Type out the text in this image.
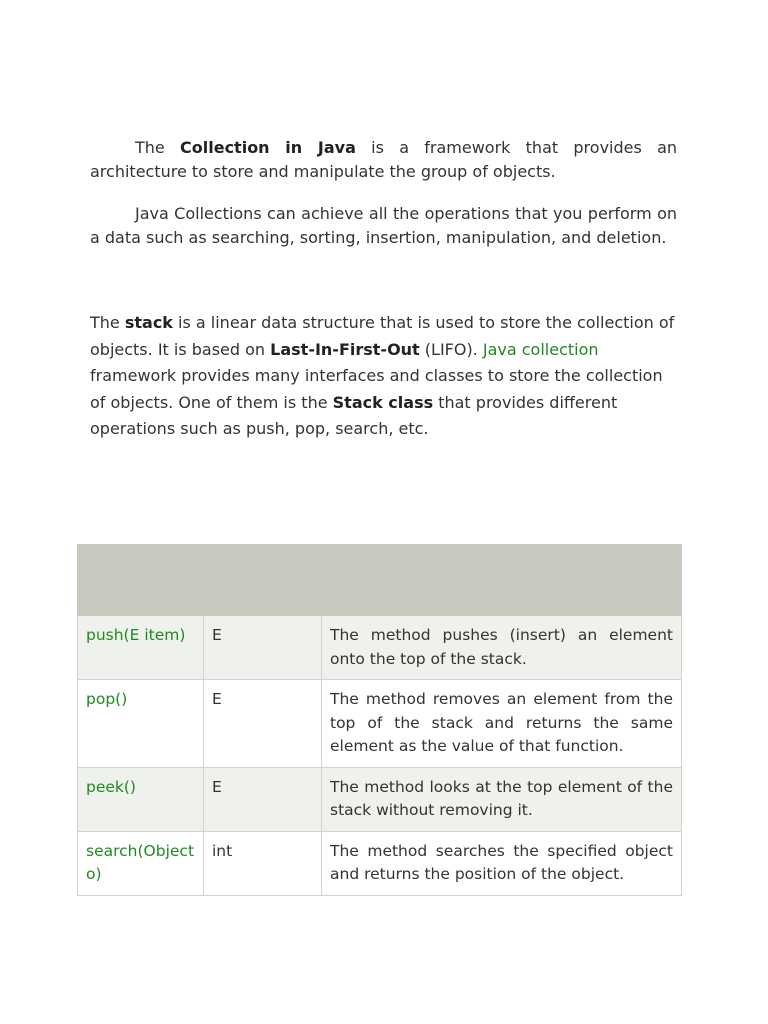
The Collection in Java is a framework that provides an architecture to store and manipulate the group of objects.

Java Collections can achieve all the operations that you perform on a data such as searching, sorting, insertion, manipulation, and deletion.

The stack is a linear data structure that is used to store the collection of objects. It is based on Last-In-First-Out (LIFO). Java collection framework provides many interfaces and classes to store the collection of objects. One of them is the Stack class that provides different operations such as push, pop, search, etc.

push(E item)	E	The method pushes (insert) an element onto the top of the stack.
pop()	E	The method removes an element from the top of the stack and returns the same element as the value of that function.
peek()	E	The method looks at the top element of the stack without removing it.
search(Object o)	int	The method searches the specified object and returns the position of the object.
